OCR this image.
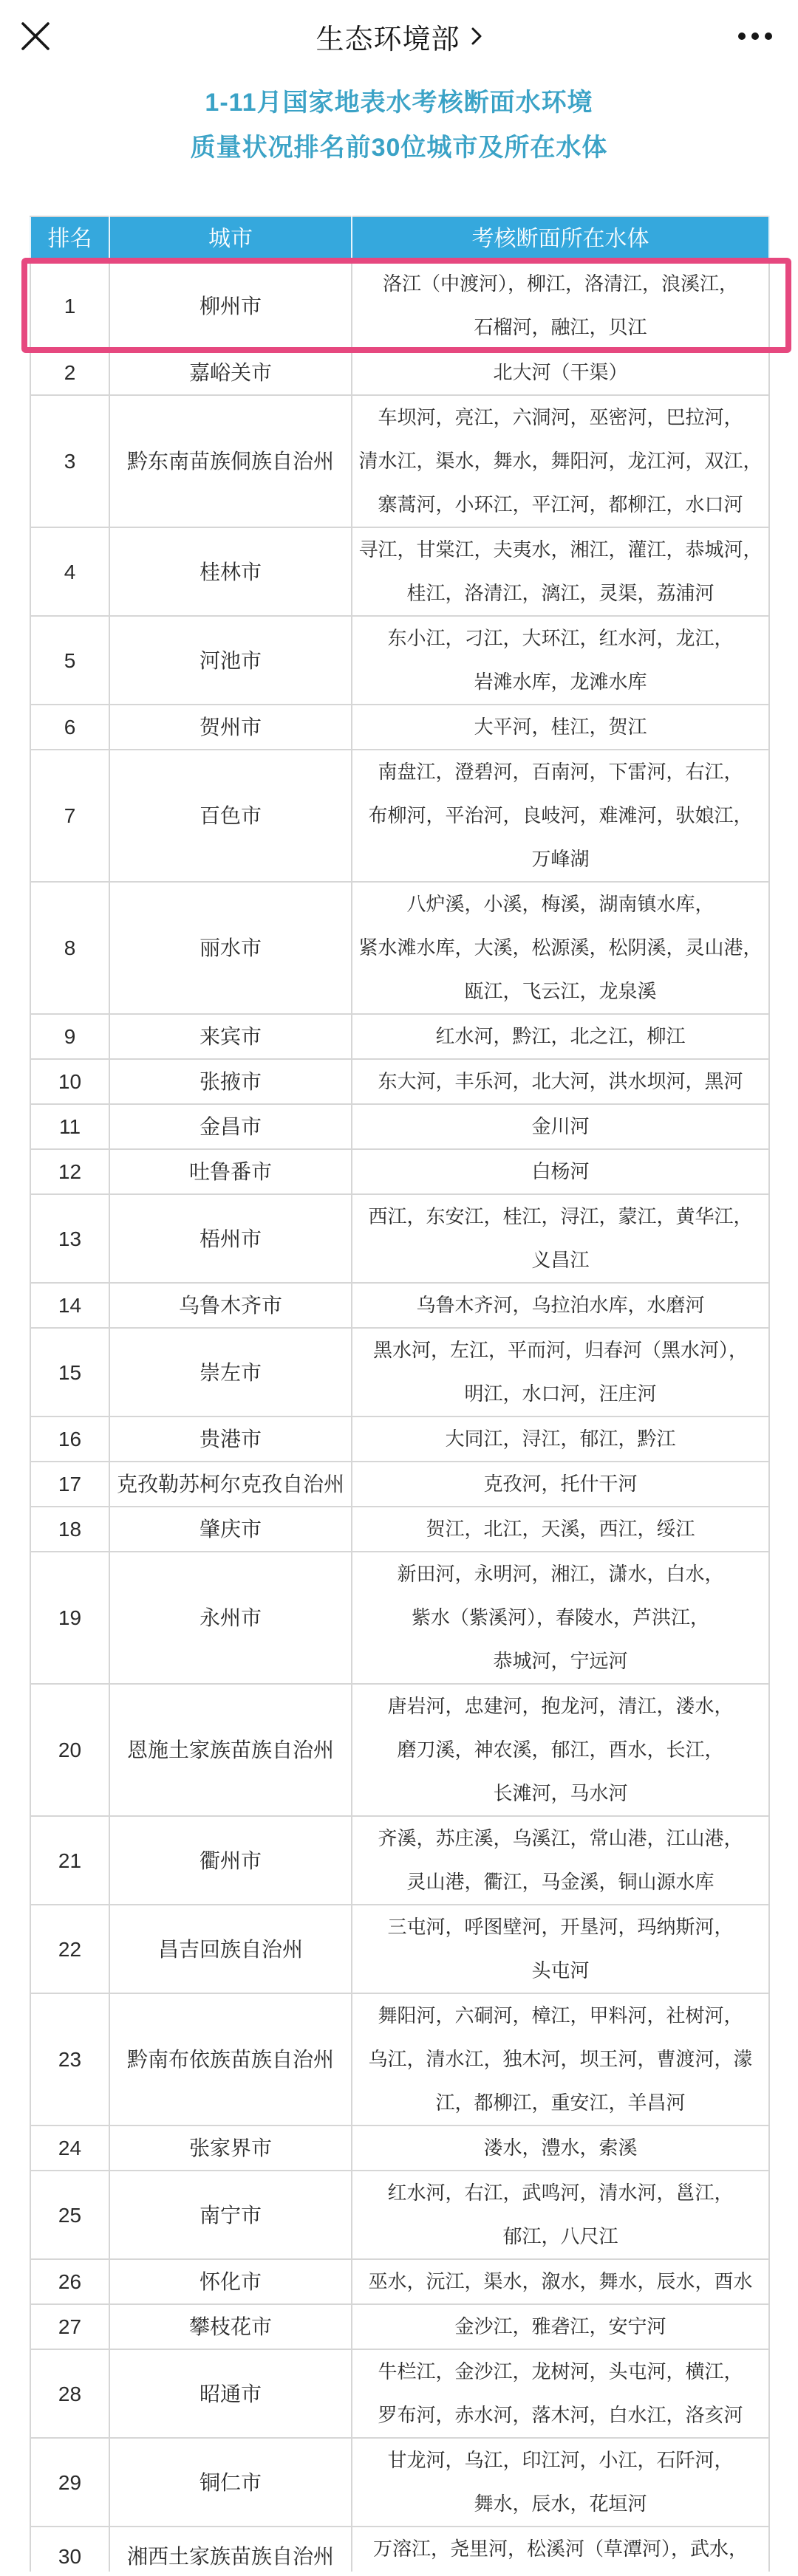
生态环境部
1-11月国家地表水考核断面水环境
质量状况排名前30位城市及所在水体
排名	城市	考核断面所在水体

1	柳州市	洛江（中渡河），柳江，洛清江，浪溪江，
石榴河，融江，贝江

2	嘉峪关市	北大河（干渠）

3	黔东南苗族侗族自治州	车坝河，亮江，六洞河，巫密河，巴拉河，
清水江，渠水，舞水，舞阳河，龙江河，双江，
寨蒿河，小环江，平江河，都柳江，水口河

4	桂林市	寻江，甘棠江，夫夷水，湘江，灌江，恭城河，
桂江，洛清江，漓江，灵渠，荔浦河

5	河池市	东小江，刁江，大环江，红水河，龙江，
岩滩水库，龙滩水库

6	贺州市	大平河，桂江，贺江

7	百色市	南盘江，澄碧河，百南河，下雷河，右江，
布柳河，平治河，良岐河，难滩河，驮娘江，
万峰湖

8	丽水市	八炉溪，小溪，梅溪，湖南镇水库，
紧水滩水库，大溪，松源溪，松阴溪，灵山港，
瓯江，飞云江，龙泉溪

9	来宾市	红水河，黔江，北之江，柳江

10	张掖市	东大河，丰乐河，北大河，洪水坝河，黑河

11	金昌市	金川河

12	吐鲁番市	白杨河

13	梧州市	西江，东安江，桂江，浔江，蒙江，黄华江，
义昌江

14	乌鲁木齐市	乌鲁木齐河，乌拉泊水库，水磨河

15	崇左市	黑水河，左江，平而河，归春河（黑水河），
明江，水口河，汪庄河

16	贵港市	大同江，浔江，郁江，黔江

17	克孜勒苏柯尔克孜自治州	克孜河，托什干河

18	肇庆市	贺江，北江，天溪，西江，绥江

19	永州市	新田河，永明河，湘江，潇水，白水，
紫水（紫溪河），春陵水，芦洪江，
恭城河，宁远河

20	恩施土家族苗族自治州	唐岩河，忠建河，抱龙河，清江，溇水，
磨刀溪，神农溪，郁江，酉水，长江，
长滩河，马水河

21	衢州市	齐溪，苏庄溪，乌溪江，常山港，江山港，
灵山港，衢江，马金溪，铜山源水库

22	昌吉回族自治州	三屯河，呼图壁河，开垦河，玛纳斯河，
头屯河

23	黔南布依族苗族自治州	舞阳河，六硐河，樟江，甲料河，社树河，
乌江，清水江，独木河，坝王河，曹渡河，濛
江，都柳江，重安江，羊昌河

24	张家界市	溇水，澧水，索溪

25	南宁市	红水河，右江，武鸣河，清水河，邕江，
郁江，八尺江

26	怀化市	巫水，沅江，渠水，溆水，舞水，辰水，酉水

27	攀枝花市	金沙江，雅砻江，安宁河

28	昭通市	牛栏江，金沙江，龙树河，头屯河，横江，
罗布河，赤水河，落木河，白水江，洛亥河

29	铜仁市	甘龙河，乌江，印江河，小江，石阡河，
舞水，辰水，花垣河

30	湘西土家族苗族自治州	万溶江，尧里河，松溪河（草潭河），武水，
